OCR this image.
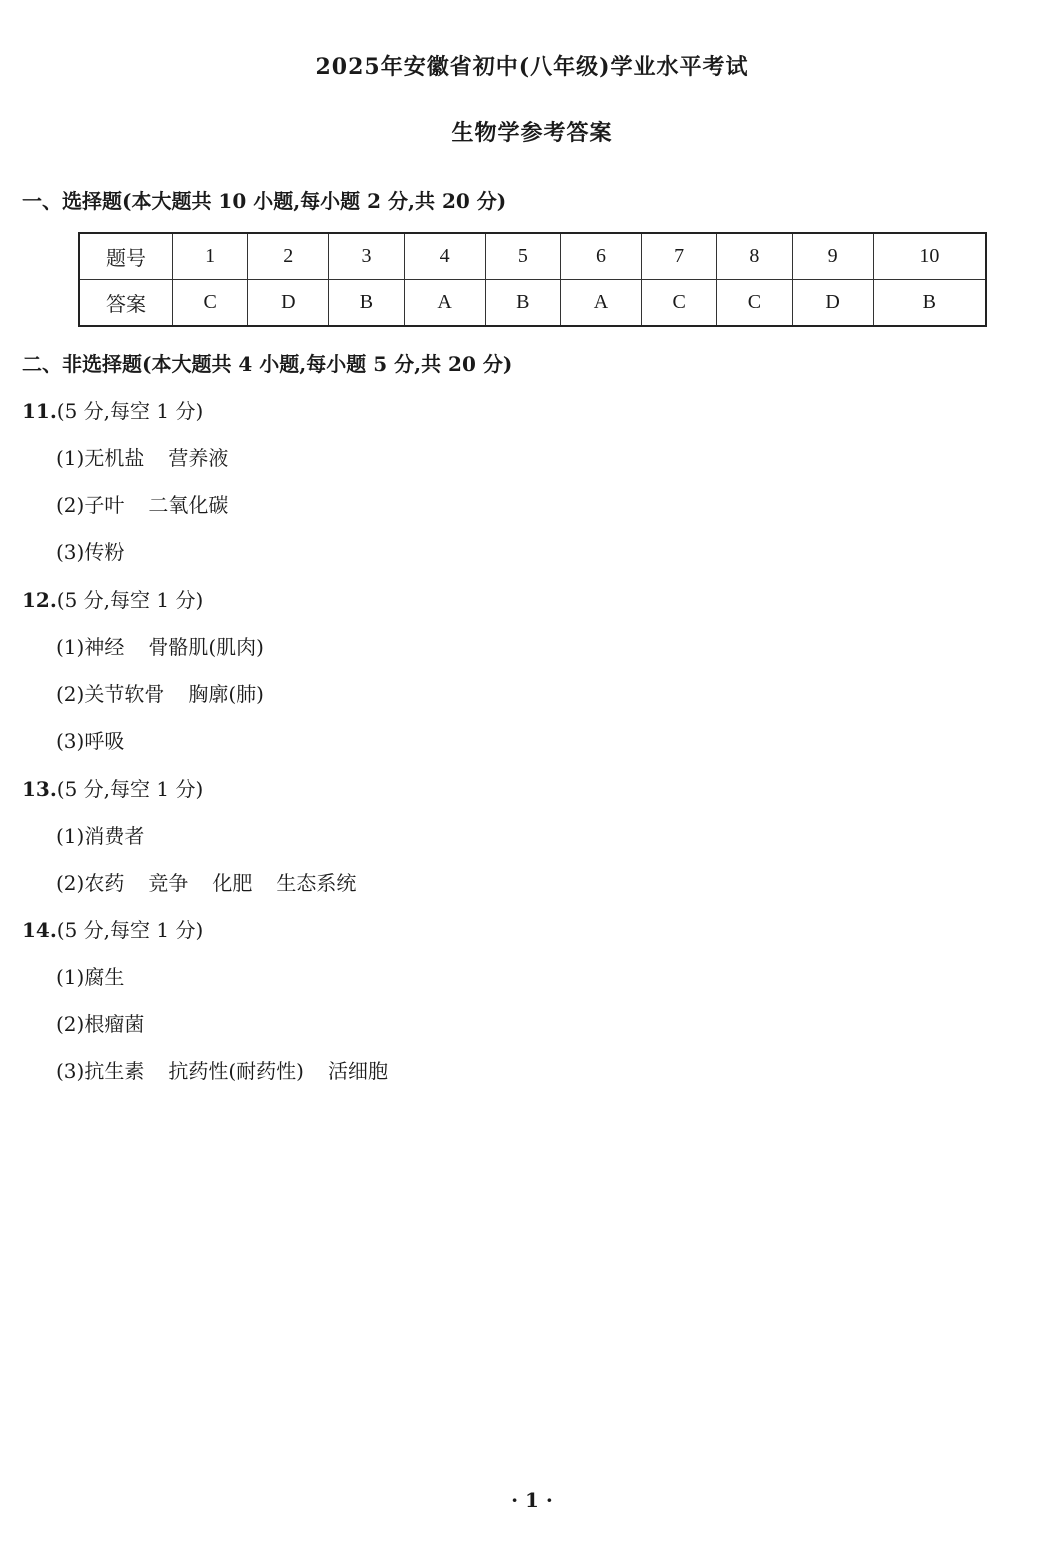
2025年安徽省初中(八年级)学业水平考试
生物学参考答案
一、选择题(本大题共 10 小题,每小题 2 分,共 20 分)
题号	1	2	3	4	5	6	7	8	9	10
答案	C	D	B	A	B	A	C	C	D	B
二、非选择题(本大题共 4 小题,每小题 5 分,共 20 分)
11.(5 分,每空 1 分)
(1)无机盐 营养液
(2)子叶 二氧化碳
(3)传粉
12.(5 分,每空 1 分)
(1)神经 骨骼肌(肌肉)
(2)关节软骨 胸廓(肺)
(3)呼吸
13.(5 分,每空 1 分)
(1)消费者
(2)农药 竞争 化肥 生态系统
14.(5 分,每空 1 分)
(1)腐生
(2)根瘤菌
(3)抗生素 抗药性(耐药性) 活细胞
· 1 ·
